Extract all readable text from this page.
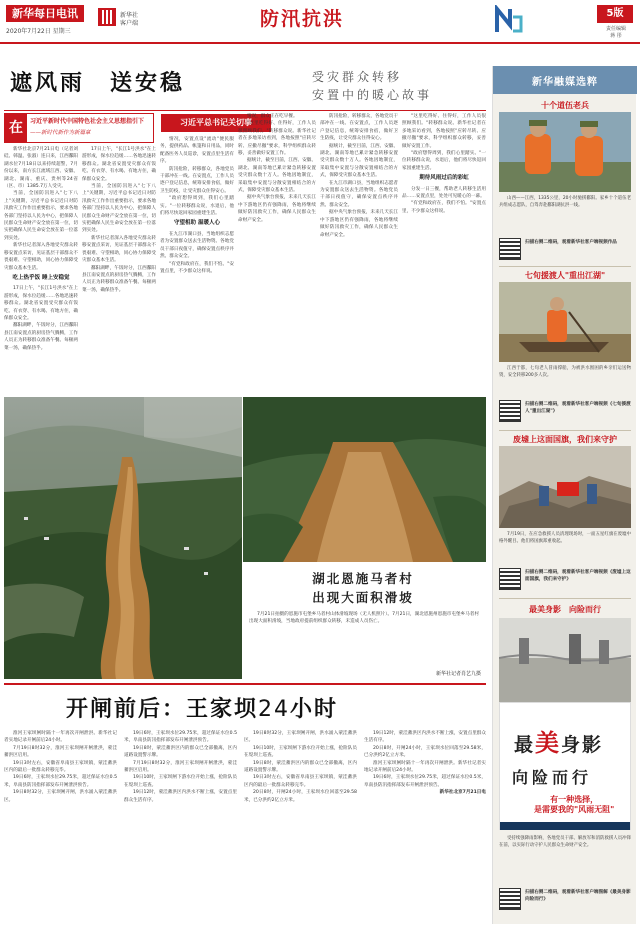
新华每日电讯
2020年7月22日 星期三
新华社
客户端	防汛抗洪	5版
责任编辑
蒋 彤
遮风雨　送安稳	受灾群众转移
安置中的暖心故事
在	习近平新时代中国特色社会主义思想指引下
——新时代新作为新篇章
习近平总书记关切事

新华社北京7月21日电（记者刘硅、韩温、张淑）连日来，江西鄱阳湖水位7月18日以来持续超警，7月份以来，南方长江流域江西、安徽、湖北、湖南、重庆、贵州等24省（区、市）1385.7万人受灾。

当前，全国防汛进入"七下八上"关键期，习近平总书记近日对防汛救灾工作作出重要指示，要求各地各部门坚持以人民为中心，把保障人民群众生命财产安全放在第一位，切实把确保人民生命安全放在第一位落到实处。

新华社记者深入各地受灾群众转移安置点采访，见证基层干部群众不畏艰难、守望相助，同心协力保障受灾群众基本生活。

吃上热乎饭 睡上安稳觉

17日上午，"长江1号洪水"在上游形成，保水位趋缓……各地迅速转移群众。湖北省安置受灾群众有饭吃、有衣穿、有水喝、有地方住，确保群众安全。

鄱阳湖畔，午饭时分，江西鄱阳县江南安置点的厨房热气腾腾，工作人员正为转移群众准备午餐。每顿两菜一汤，确保热乎。

17日上午，"长江1号洪水"在上游形成，保水位趋缓……各地迅速转移群众。湖北省安置受灾群众有饭吃、有衣穿、有水喝、有地方住，确保群众安全。

当前，全国防汛进入"七下八上"关键期，习近平总书记近日对防汛救灾工作作出重要指示，要求各地各部门坚持以人民为中心，把保障人民群众生命财产安全放在第一位，切实把确保人民生命安全放在第一位落到实处。

新华社记者深入各地受灾群众转移安置点采访，见证基层干部群众不畏艰难、守望相助，同心协力保障受灾群众基本生活。

鄱阳湖畔，午饭时分，江西鄱阳县江南安置点的厨房热气腾腾，工作人员正为转移群众准备午餐。每顿两菜一汤，确保热乎。

情况，安置点设"流动"便民服务，提供药品、帐篷和日用品，同时配备医务人员巡诊，安置点里生活有序。

防汛抢险，转移群众，各地党员干部冲在一线。在安置点，工作人员逐户登记信息，统筹安排食宿，做好卫生防疫，让受灾群众住得安心。

"政府想得周到，我们心里踏实。"一位转移群众说，水退后，他们将尽快返回家园重建生活。

守望相助 温暖人心

在九江市湖口县，当地组织志愿者为安置群众送去生活物资。各地党员干部日夜值守，确保安置点秩序井然、群众安全。

"有党和政府在，我们不怕。"安置点里，不少群众这样说。

情况，群众正在吃早餐。

"这里吃得好、住得好，工作人员很照顾我们。"转移群众说。新华社记者在多地采访看到，各地按照"应转尽转、应撤尽撤"要求，科学组织群众转移，妥善做好安置工作。

据统计，截至目前，江西、安徽、湖北、湖南等地已累计紧急转移安置受灾群众数十万人。各地因地制宜，采取集中安置与分散安置相结合的方式，保障受灾群众基本生活。

据中央气象台预报，未来几天长江中下游地区仍有强降雨，各地将继续做好防汛救灾工作，确保人民群众生命财产安全。

防汛抢险，转移群众，各地党员干部冲在一线。在安置点，工作人员逐户登记信息，统筹安排食宿，做好卫生防疫，让受灾群众住得安心。

据统计，截至目前，江西、安徽、湖北、湖南等地已累计紧急转移安置受灾群众数十万人。各地因地制宜，采取集中安置与分散安置相结合的方式，保障受灾群众基本生活。

在九江市湖口县，当地组织志愿者为安置群众送去生活物资。各地党员干部日夜值守，确保安置点秩序井然、群众安全。

据中央气象台预报，未来几天长江中下游地区仍有强降雨，各地将继续做好防汛救灾工作，确保人民群众生命财产安全。

"这里吃得好、住得好，工作人员很照顾我们。"转移群众说。新华社记者在多地采访看到，各地按照"应转尽转、应撤尽撤"要求，科学组织群众转移，妥善做好安置工作。

"政府想得周到，我们心里踏实。"一位转移群众说，水退后，他们将尽快返回家园重建生活。

期待风雨过后的彩虹

分发一日三餐，帮助老人转移生活用品……安置点里，处处可见暖心的一幕。

"有党和政府在，我们不怕。"安置点里，不少群众这样说。

湖北恩施马者村
出现大面积滑坡
7月21日拍摄的恩施市屯堡乡马者村山体滑坡现场（无人机照片）。7月21日，湖北恩施州恩施市屯堡乡马者村出现大面积滑坡，当地政府提前组织群众转移，未造成人员伤亡。
新华社记者肖艺九摄
开闸前后：王家坝24小时

淮河王家坝闸时隔十一年再次开闸泄洪。新华社记者实地记录开闸前后24小时。

7月19日8时32分，淮河王家坝闸开闸泄洪，蒙洼蓄洪区启用。

19日3时左右，安徽省阜南县王家坝镇，蒙洼蓄洪区内的最后一批群众转移完毕。

19日6时，王家坝水位29.75米，超过保证水位0.5米，阜南县防汛指挥部发布开闸泄洪预告。

19日8时32分，王家坝闸开闸，洪水涌入蒙洼蓄洪区。

19日6时，王家坝水位29.75米，超过保证水位0.5米，阜南县防汛指挥部发布开闸泄洪预告。

19日8时，蒙洼蓄洪区内的群众已全部撤离，区内道路设置警示牌。

7月19日8时32分，淮河王家坝闸开闸泄洪，蒙洼蓄洪区启用。

19日10时，王家坝闸下游水位开始上涨，抢险队员在堤坝上巡查。

19日12时，蒙洼蓄洪区内洪水不断上涨，安置点里群众生活有序。

19日8时32分，王家坝闸开闸，洪水涌入蒙洼蓄洪区。

19日10时，王家坝闸下游水位开始上涨，抢险队员在堤坝上巡查。

19日8时，蒙洼蓄洪区内的群众已全部撤离，区内道路设置警示牌。

19日3时左右，安徽省阜南县王家坝镇，蒙洼蓄洪区内的最后一批群众转移完毕。

20日8时，开闸24小时，王家坝水位回落至29.58米，已分洪约2亿立方米。

19日12时，蒙洼蓄洪区内洪水不断上涨，安置点里群众生活有序。

20日8时，开闸24小时，王家坝水位回落至29.58米，已分洪约2亿立方米。

淮河王家坝闸时隔十一年再次开闸泄洪。新华社记者实地记录开闸前后24小时。

19日6时，王家坝水位29.75米，超过保证水位0.5米，阜南县防汛指挥部发布开闸泄洪预告。

新华社北京7月21日电

新华融媒选粹
十个道伍老兵
山西——江西，1335公里，20小时驰援鄱阳。家乡十个道伍老兵组成志愿队，自驾奔赴鄱阳湖抗洪一线。
扫描右侧二维码，观看新华社客户端视频作品
七旬援渡人"重出江湖"
江西于都，七旬老人冒雨撑船，为被洪水围困的乡亲们运送物资，安全转移200多人次。
扫描右侧二维码，观看新华社客户端视频《七旬援渡人"重出江湖"》
废墟上这面国旗，我们来守护
7月19日，在应急救援人员清理现场时，一面五星红旗在废墟中格外醒目。他们将国旗郑重收起。
扫描右侧二维码，观看新华社客户端视频《废墟上这面国旗，我们来守护》
最美身影　向险而行
最美身影
向险而行
有一种选择，
是需要我的"风雨无阻"
受持续强降雨影响，各地党员干部、解放军和消防救援人员冲锋在前，以实际行动守护人民群众生命财产安全。
扫描右侧二维码，观看新华社客户端图解《最美身影 向险而行》
